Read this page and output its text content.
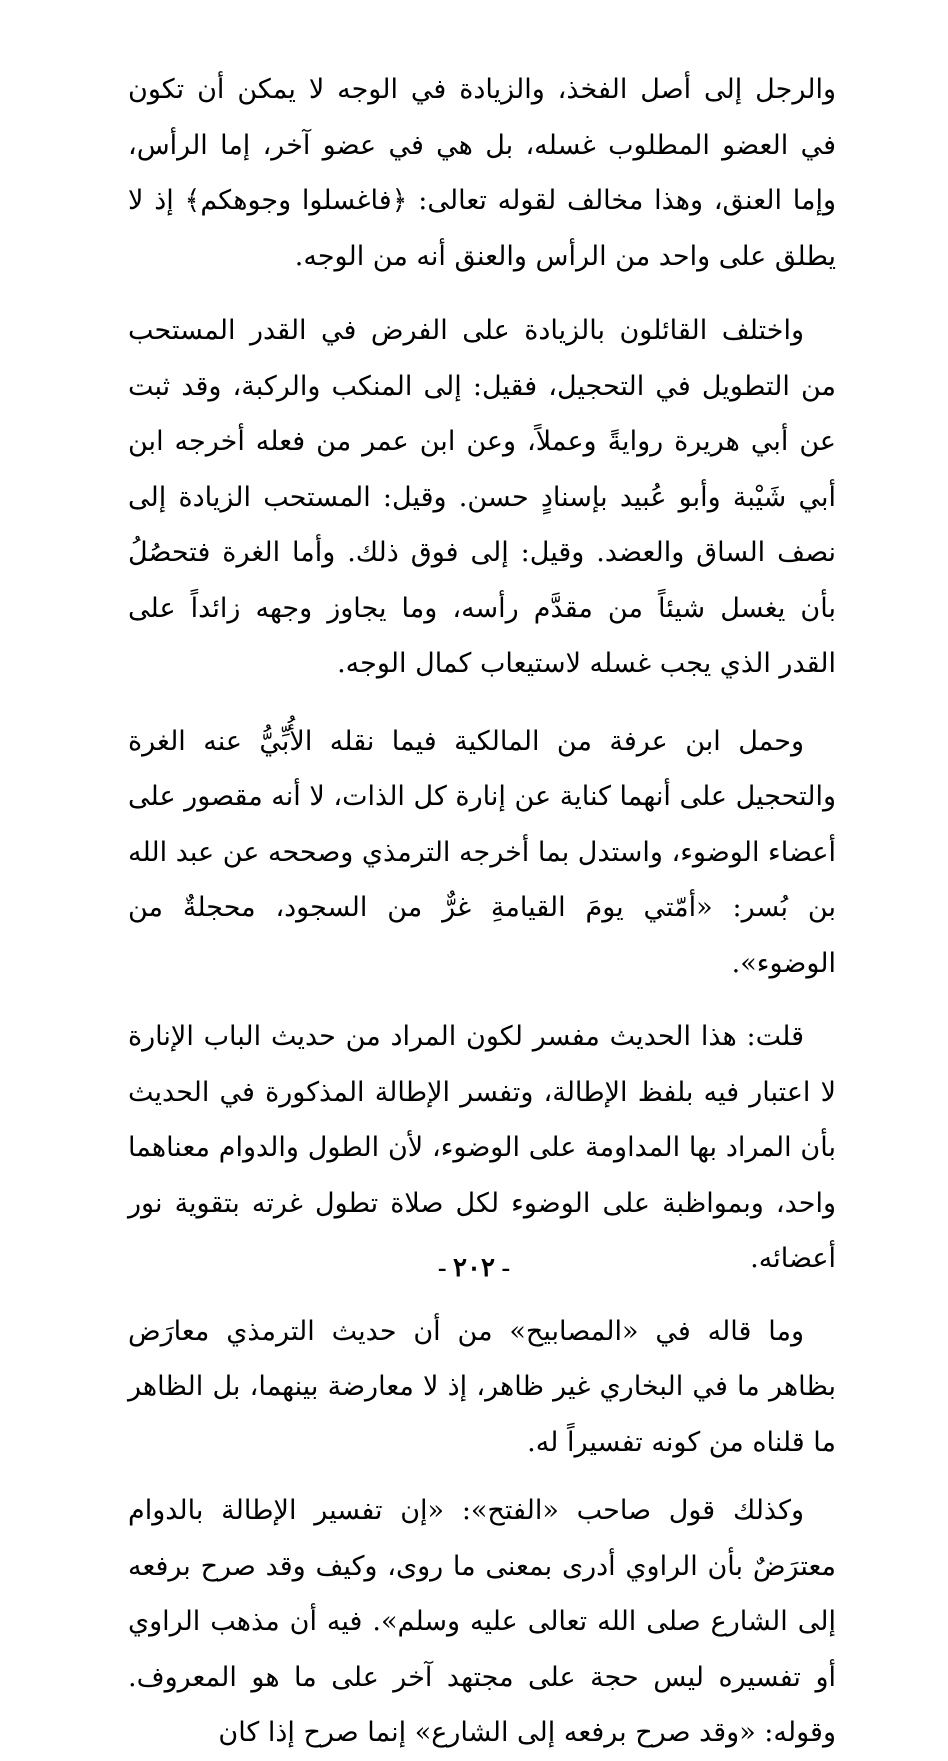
والرجل إلى أصل الفخذ، والزيادة في الوجه لا يمكن أن تكون في العضو المطلوب غسله، بل هي في عضو آخر، إما الرأس، وإما العنق، وهذا مخالف لقوله تعالى: ﴿فاغسلوا وجوهكم﴾ إذ لا يطلق على واحد من الرأس والعنق أنه من الوجه.

واختلف القائلون بالزيادة على الفرض في القدر المستحب من التطويل في التحجيل، فقيل: إلى المنكب والركبة، وقد ثبت عن أبي هريرة روايةً وعملاً، وعن ابن عمر من فعله أخرجه ابن أبي شَيْبة وأبو عُبيد بإسنادٍ حسن. وقيل: المستحب الزيادة إلى نصف الساق والعضد. وقيل: إلى فوق ذلك. وأما الغرة فتحصُلُ بأن يغسل شيئاً من مقدَّم رأسه، وما يجاوز وجهه زائداً على القدر الذي يجب غسله لاستيعاب كمال الوجه.

وحمل ابن عرفة من المالكية فيما نقله الأُبِّيُّ عنه الغرة والتحجيل على أنهما كناية عن إنارة كل الذات، لا أنه مقصور على أعضاء الوضوء، واستدل بما أخرجه الترمذي وصححه عن عبد الله بن بُسر: «أمّتي يومَ القيامةِ غرٌّ من السجود، محجلةٌ من الوضوء».

قلت: هذا الحديث مفسر لكون المراد من حديث الباب الإنارة لا اعتبار فيه بلفظ الإطالة، وتفسر الإطالة المذكورة في الحديث بأن المراد بها المداومة على الوضوء، لأن الطول والدوام معناهما واحد، وبمواظبة على الوضوء لكل صلاة تطول غرته بتقوية نور أعضائه.

وما قاله في «المصابيح» من أن حديث الترمذي معارَض بظاهر ما في البخاري غير ظاهر، إذ لا معارضة بينهما، بل الظاهر ما قلناه من كونه تفسيراً له.

وكذلك قول صاحب «الفتح»: «إن تفسير الإطالة بالدوام معترَضٌ بأن الراوي أدرى بمعنى ما روى، وكيف وقد صرح برفعه إلى الشارع صلى الله تعالى عليه وسلم». فيه أن مذهب الراوي أو تفسيره ليس حجة على مجتهد آخر على ما هو المعروف. وقوله: «وقد صرح برفعه إلى الشارع» إنما صرح إذا كان

- ٢٠٢ -
